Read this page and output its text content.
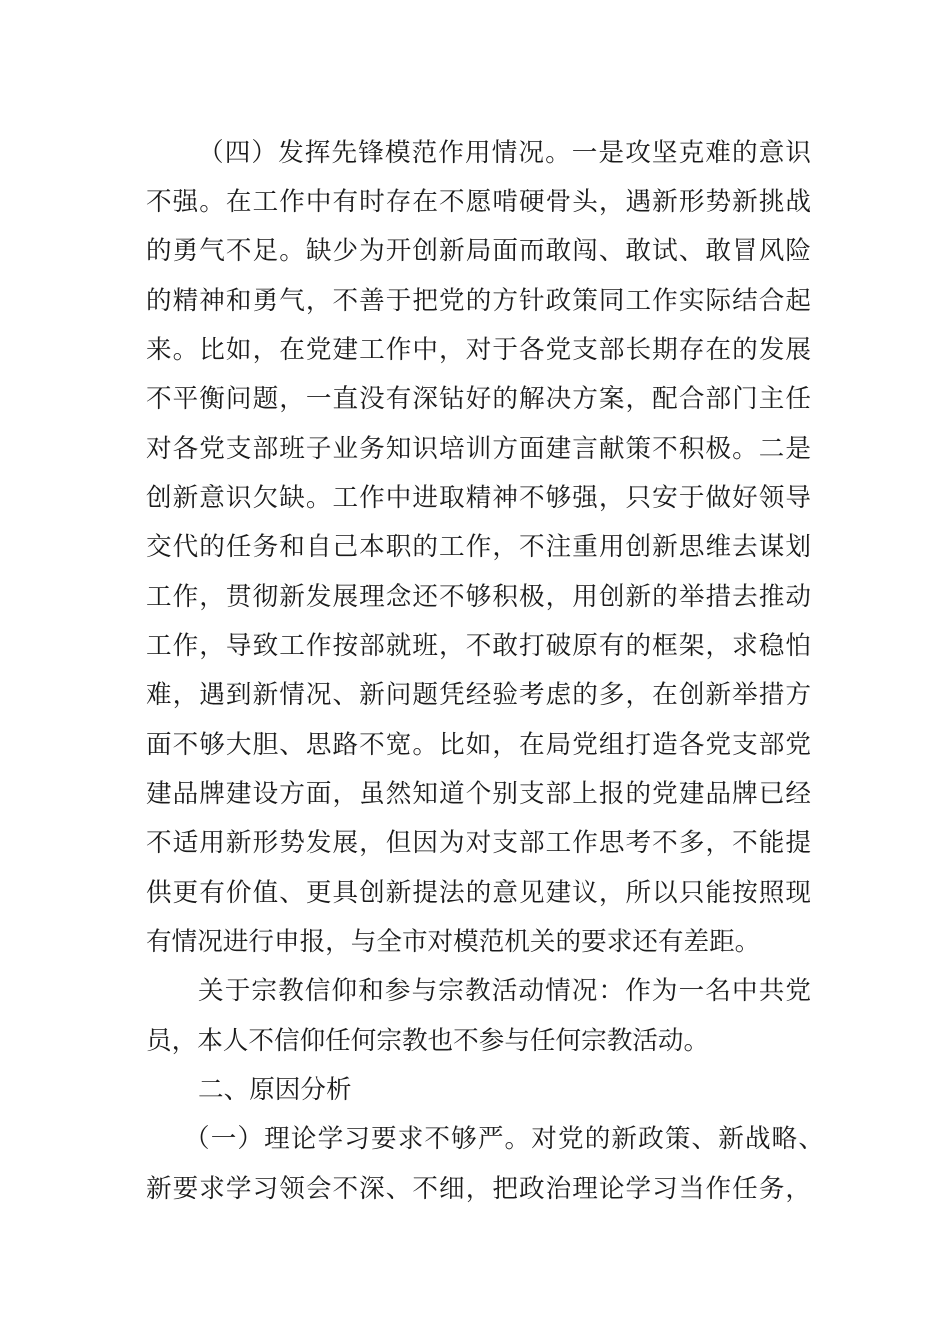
（四）发挥先锋模范作用情况。一是攻坚克难的意识
不强。在工作中有时存在不愿啃硬骨头，遇新形势新挑战
的勇气不足。缺少为开创新局面而敢闯、敢试、敢冒风险
的精神和勇气，不善于把党的方针政策同工作实际结合起
来。比如，在党建工作中，对于各党支部长期存在的发展
不平衡问题，一直没有深钻好的解决方案，配合部门主任
对各党支部班子业务知识培训方面建言献策不积极。二是
创新意识欠缺。工作中进取精神不够强，只安于做好领导
交代的任务和自己本职的工作，不注重用创新思维去谋划
工作，贯彻新发展理念还不够积极，用创新的举措去推动
工作，导致工作按部就班，不敢打破原有的框架，求稳怕
难，遇到新情况、新问题凭经验考虑的多，在创新举措方
面不够大胆、思路不宽。比如，在局党组打造各党支部党
建品牌建设方面，虽然知道个别支部上报的党建品牌已经
不适用新形势发展，但因为对支部工作思考不多，不能提
供更有价值、更具创新提法的意见建议，所以只能按照现
有情况进行申报，与全市对模范机关的要求还有差距。
关于宗教信仰和参与宗教活动情况：作为一名中共党
员，本人不信仰任何宗教也不参与任何宗教活动。
二、原因分析
（一）理论学习要求不够严。对党的新政策、新战略、
新要求学习领会不深、不细，把政治理论学习当作任务，
